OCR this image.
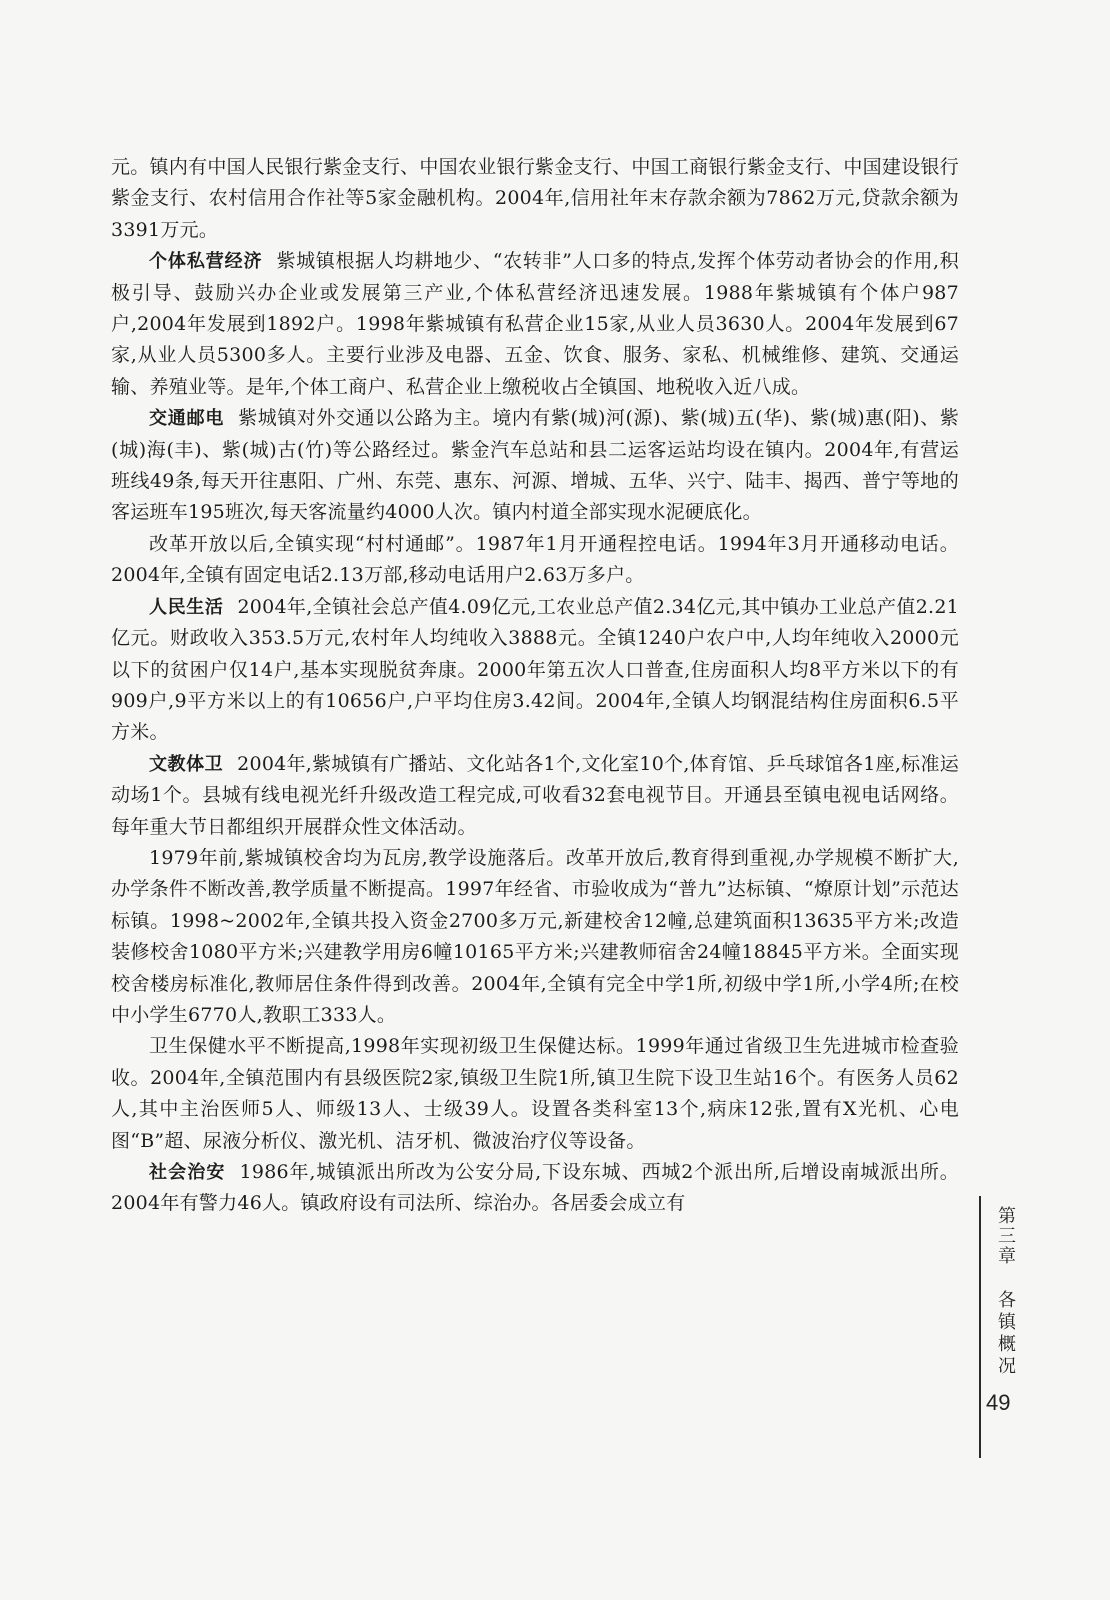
元。镇内有中国人民银行紫金支行、中国农业银行紫金支行、中国工商银行紫金支行、中国建设银行紫金支行、农村信用合作社等5家金融机构。2004年,信用社年末存款余额为7862万元,贷款余额为3391万元。

个体私营经济 紫城镇根据人均耕地少、“农转非”人口多的特点,发挥个体劳动者协会的作用,积极引导、鼓励兴办企业或发展第三产业,个体私营经济迅速发展。1988年紫城镇有个体户987户,2004年发展到1892户。1998年紫城镇有私营企业15家,从业人员3630人。2004年发展到67家,从业人员5300多人。主要行业涉及电器、五金、饮食、服务、家私、机械维修、建筑、交通运输、养殖业等。是年,个体工商户、私营企业上缴税收占全镇国、地税收入近八成。

交通邮电 紫城镇对外交通以公路为主。境内有紫(城)河(源)、紫(城)五(华)、紫(城)惠(阳)、紫(城)海(丰)、紫(城)古(竹)等公路经过。紫金汽车总站和县二运客运站均设在镇内。2004年,有营运班线49条,每天开往惠阳、广州、东莞、惠东、河源、增城、五华、兴宁、陆丰、揭西、普宁等地的客运班车195班次,每天客流量约4000人次。镇内村道全部实现水泥硬底化。

改革开放以后,全镇实现“村村通邮”。1987年1月开通程控电话。1994年3月开通移动电话。2004年,全镇有固定电话2.13万部,移动电话用户2.63万多户。

人民生活 2004年,全镇社会总产值4.09亿元,工农业总产值2.34亿元,其中镇办工业总产值2.21亿元。财政收入353.5万元,农村年人均纯收入3888元。全镇1240户农户中,人均年纯收入2000元以下的贫困户仅14户,基本实现脱贫奔康。2000年第五次人口普查,住房面积人均8平方米以下的有909户,9平方米以上的有10656户,户平均住房3.42间。2004年,全镇人均钢混结构住房面积6.5平方米。

文教体卫 2004年,紫城镇有广播站、文化站各1个,文化室10个,体育馆、乒乓球馆各1座,标准运动场1个。县城有线电视光纤升级改造工程完成,可收看32套电视节目。开通县至镇电视电话网络。每年重大节日都组织开展群众性文体活动。

1979年前,紫城镇校舍均为瓦房,教学设施落后。改革开放后,教育得到重视,办学规模不断扩大,办学条件不断改善,教学质量不断提高。1997年经省、市验收成为“普九”达标镇、“燎原计划”示范达标镇。1998~2002年,全镇共投入资金2700多万元,新建校舍12幢,总建筑面积13635平方米;改造装修校舍1080平方米;兴建教学用房6幢10165平方米;兴建教师宿舍24幢18845平方米。全面实现校舍楼房标准化,教师居住条件得到改善。2004年,全镇有完全中学1所,初级中学1所,小学4所;在校中小学生6770人,教职工333人。

卫生保健水平不断提高,1998年实现初级卫生保健达标。1999年通过省级卫生先进城市检查验收。2004年,全镇范围内有县级医院2家,镇级卫生院1所,镇卫生院下设卫生站16个。有医务人员62人,其中主治医师5人、师级13人、士级39人。设置各类科室13个,病床12张,置有X光机、心电图“B”超、尿液分析仪、激光机、洁牙机、微波治疗仪等设备。

社会治安 1986年,城镇派出所改为公安分局,下设东城、西城2个派出所,后增设南城派出所。2004年有警力46人。镇政府设有司法所、综治办。各居委会成立有

第三章
各镇概况
49
